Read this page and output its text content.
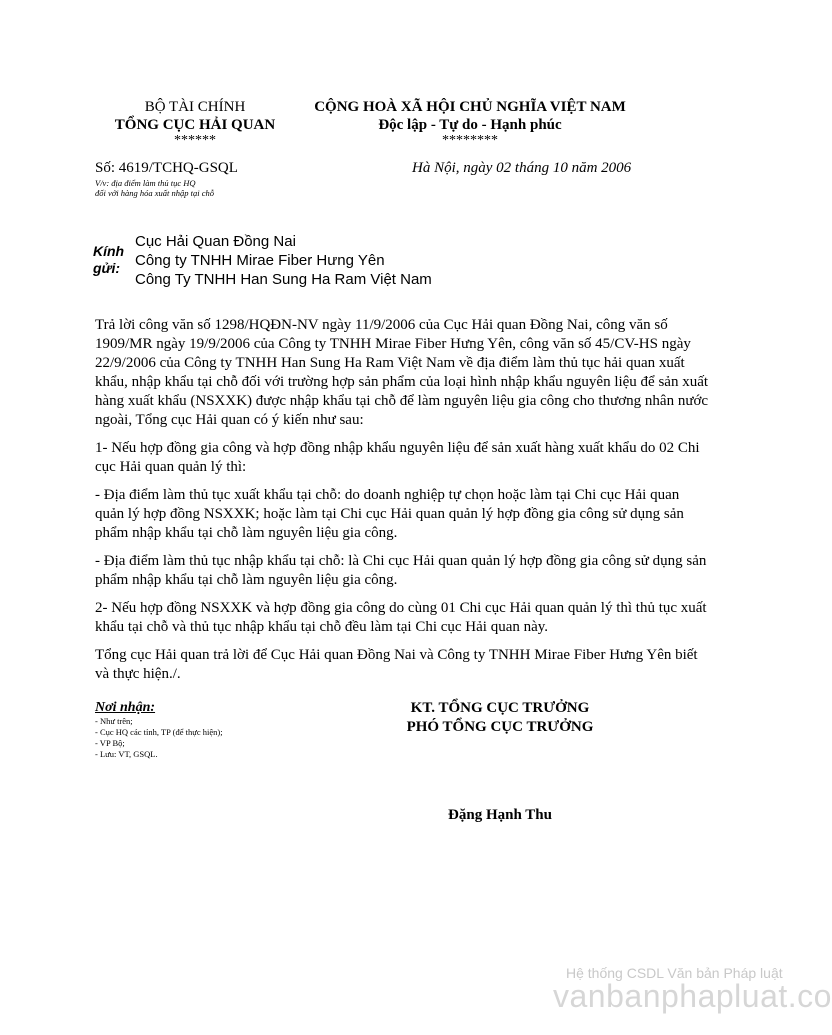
BỘ TÀI CHÍNH
TỔNG CỤC HẢI QUAN
******
CỘNG HOÀ XÃ HỘI CHỦ NGHĨA VIỆT NAM
Độc lập - Tự do - Hạnh phúc
********
Số: 4619/TCHQ-GSQL
V/v: địa điểm làm thủ tục HQ
đối với hàng hóa xuất nhập tại chỗ
Hà Nội, ngày 02 tháng 10 năm 2006
Kính
gửi:
Cục Hải Quan Đồng Nai
Công ty TNHH Mirae Fiber Hưng Yên
Công Ty TNHH Han Sung Ha Ram Việt Nam

Trả lời công văn số 1298/HQĐN-NV ngày 11/9/2006 của Cục Hải quan Đồng Nai, công văn số 1909/MR ngày 19/9/2006 của Công ty TNHH Mirae Fiber Hưng Yên, công văn số 45/CV-HS ngày 22/9/2006 của Công ty TNHH Han Sung Ha Ram Việt Nam về địa điểm làm thủ tục hải quan xuất khẩu, nhập khẩu tại chỗ đối với trường hợp sản phẩm của loại hình nhập khẩu nguyên liệu để sản xuất hàng xuất khẩu (NSXXK) được nhập khẩu tại chỗ để làm nguyên liệu gia công cho thương nhân nước ngoài, Tổng cục Hải quan có ý kiến như sau:

1- Nếu hợp đồng gia công và hợp đồng nhập khẩu nguyên liệu để sản xuất hàng xuất khẩu do 02 Chi cục Hải quan quản lý thì:

- Địa điểm làm thủ tục xuất khẩu tại chỗ: do doanh nghiệp tự chọn hoặc làm tại Chi cục Hải quan quản lý hợp đồng NSXXK; hoặc làm tại Chi cục Hải quan quản lý hợp đồng gia công sử dụng sản phẩm nhập khẩu tại chỗ làm nguyên liệu gia công.

- Địa điểm làm thủ tục nhập khẩu tại chỗ: là Chi cục Hải quan quản lý hợp đồng gia công sử dụng sản phẩm nhập khẩu tại chỗ làm nguyên liệu gia công.

2- Nếu hợp đồng NSXXK và hợp đồng gia công do cùng 01 Chi cục Hải quan quản lý thì thủ tục xuất khẩu tại chỗ và thủ tục nhập khẩu tại chỗ đều làm tại Chi cục Hải quan này.

Tổng cục Hải quan trả lời để Cục Hải quan Đồng Nai và Công ty TNHH Mirae Fiber Hưng Yên biết và thực hiện./.

Nơi nhận:
- Như trên;
- Cục HQ các tỉnh, TP (để thực hiện);
- VP Bộ;
- Lưu: VT, GSQL.
KT. TỔNG CỤC TRƯỞNG
PHÓ TỔNG CỤC TRƯỞNG
Đặng Hạnh Thu
Hệ thống CSDL Văn bản Pháp luật
vanbanphapluat.co
